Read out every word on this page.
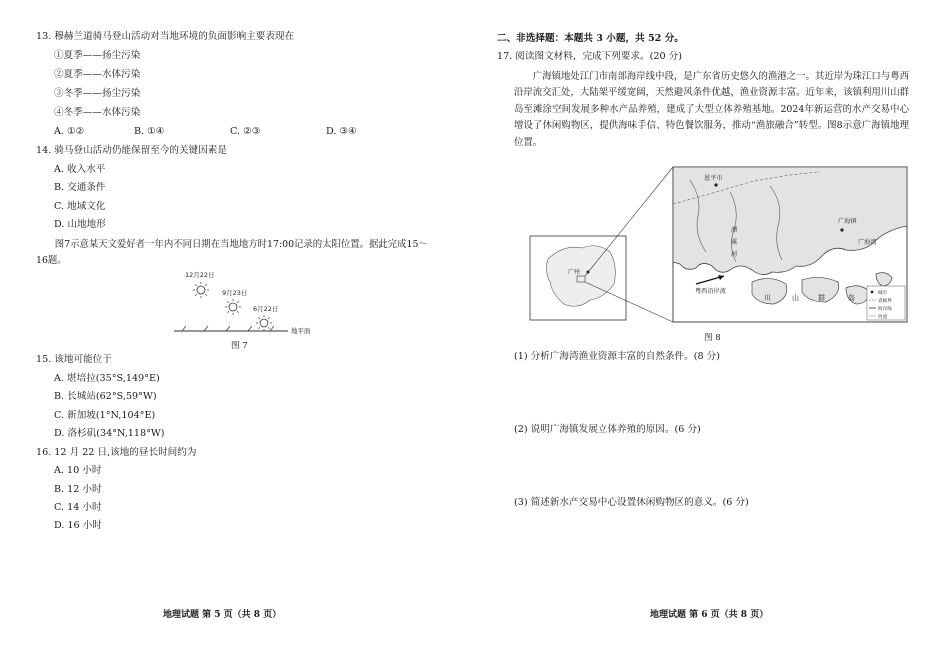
13. 穆赫兰道骑马登山活动对当地环境的负面影响主要表现在
①夏季——扬尘污染
②夏季——水体污染
③冬季——扬尘污染
④冬季——水体污染
A. ①②	B. ①④	C. ②③	D. ③④
14. 骑马登山活动仍能保留至今的关键因素是
A. 收入水平
B. 交通条件
C. 地域文化
D. 山地地形
图7示意某天文爱好者一年内不同日期在当地地方时17:00记录的太阳位置。据此完成15～16题。
12月22日
9月23日
6月22日
地平面
图 7
15. 该地可能位于
A. 堪培拉(35°S,149°E)
B. 长城站(62°S,59°W)
C. 新加坡(1°N,104°E)
D. 洛杉矶(34°N,118°W)
16. 12 月 22 日,该地的昼长时间约为
A. 10 小时
B. 12 小时
C. 14 小时
D. 16 小时
地理试题 第 5 页（共 8 页）
二、非选择题：本题共 3 小题，共 52 分。
17. 阅读图文材料，完成下列要求。(20 分)
广海镇地处江门市南部海岸线中段，是广东省历史悠久的渔港之一。其近岸为珠江口与粤西沿岸流交汇处，大陆架平缓宽阔，天然避风条件优越，渔业资源丰富。近年来，该镇利用川山群岛至滩涂空间发展多种水产品养殖，建成了大型立体养殖基地。2024年新运营的水产交易中心增设了休闲购物区，提供海味手信、特色餐饮服务，推动“渔旅融合”转型。图8示意广海镇地理位置。
广州
恩平市
广海镇
广海湾
潭
溪
河
粤西沿岸流
川	山	群	岛
城市
省级界
海岸线
河流
图 8
(1) 分析广海湾渔业资源丰富的自然条件。(8 分)
(2) 说明广海镇发展立体养殖的原因。(6 分)
(3) 简述新水产交易中心设置休闲购物区的意义。(6 分)
地理试题 第 6 页（共 8 页）
